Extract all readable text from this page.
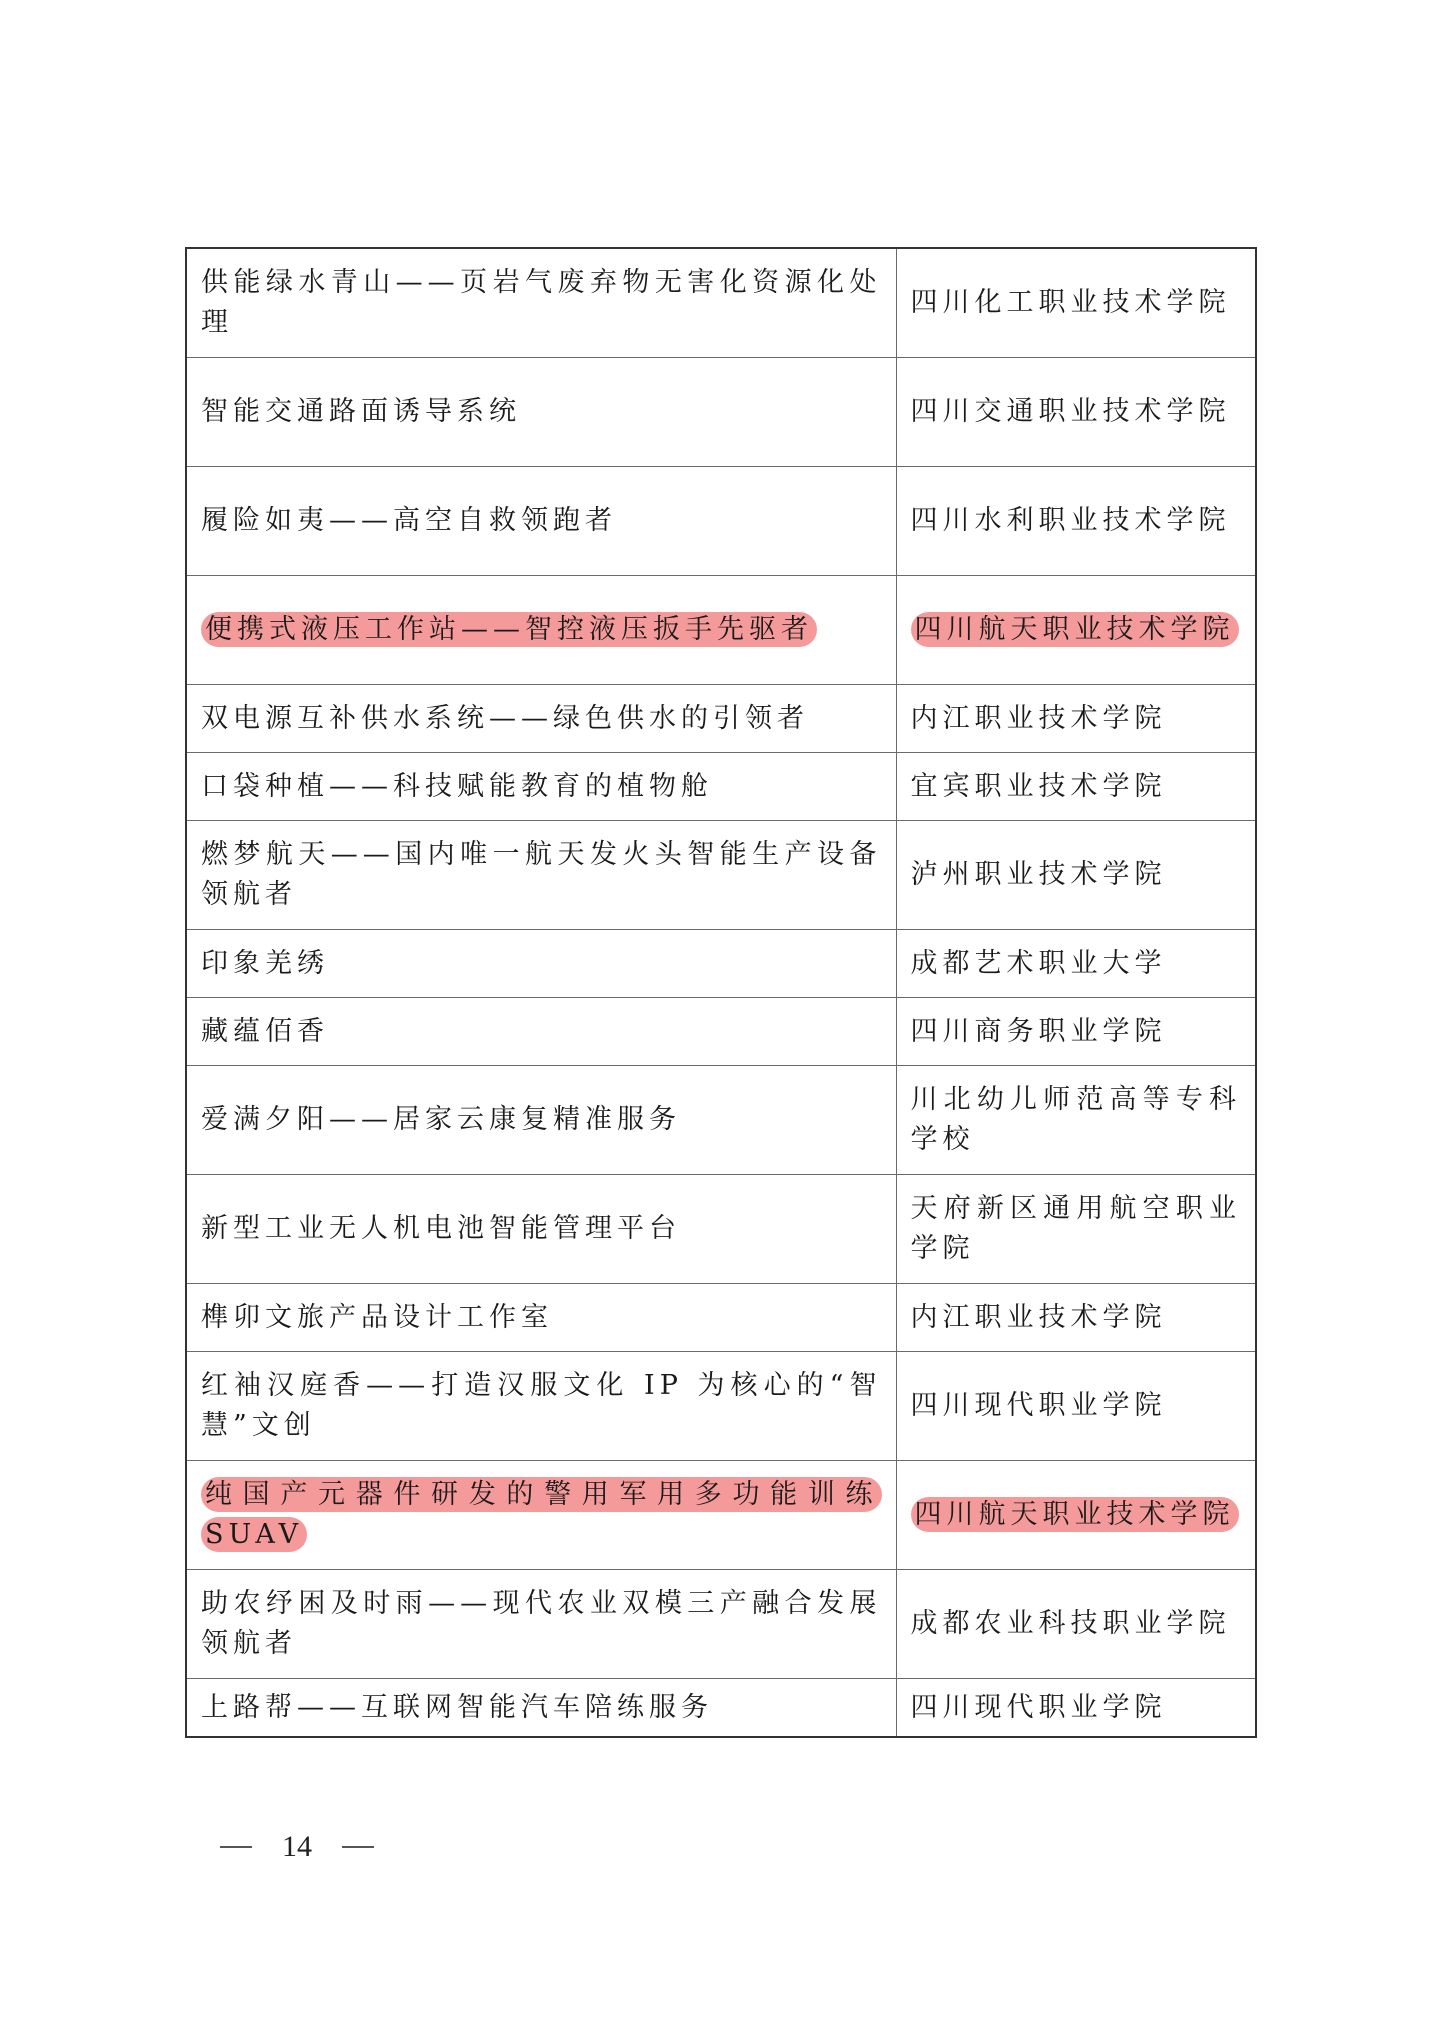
供能绿水青山——页岩气废弃物无害化资源化处理	四川化工职业技术学院
智能交通路面诱导系统	四川交通职业技术学院
履险如夷——高空自救领跑者	四川水利职业技术学院
便携式液压工作站——智控液压扳手先驱者	四川航天职业技术学院
双电源互补供水系统——绿色供水的引领者	内江职业技术学院
口袋种植——科技赋能教育的植物舱	宜宾职业技术学院
燃梦航天——国内唯一航天发火头智能生产设备领航者	泸州职业技术学院
印象羌绣	成都艺术职业大学
藏蕴佰香	四川商务职业学院
爱满夕阳——居家云康复精准服务	川北幼儿师范高等专科学校
新型工业无人机电池智能管理平台	天府新区通用航空职业学院
榫卯文旅产品设计工作室	内江职业技术学院
红袖汉庭香——打造汉服文化 IP 为核心的“智慧”文创	四川现代职业学院
纯国产元器件研发的警用军用多功能训练 SUAV	四川航天职业技术学院
助农纾困及时雨——现代农业双模三产融合发展领航者	成都农业科技职业学院
上路帮——互联网智能汽车陪练服务	四川现代职业学院
14
